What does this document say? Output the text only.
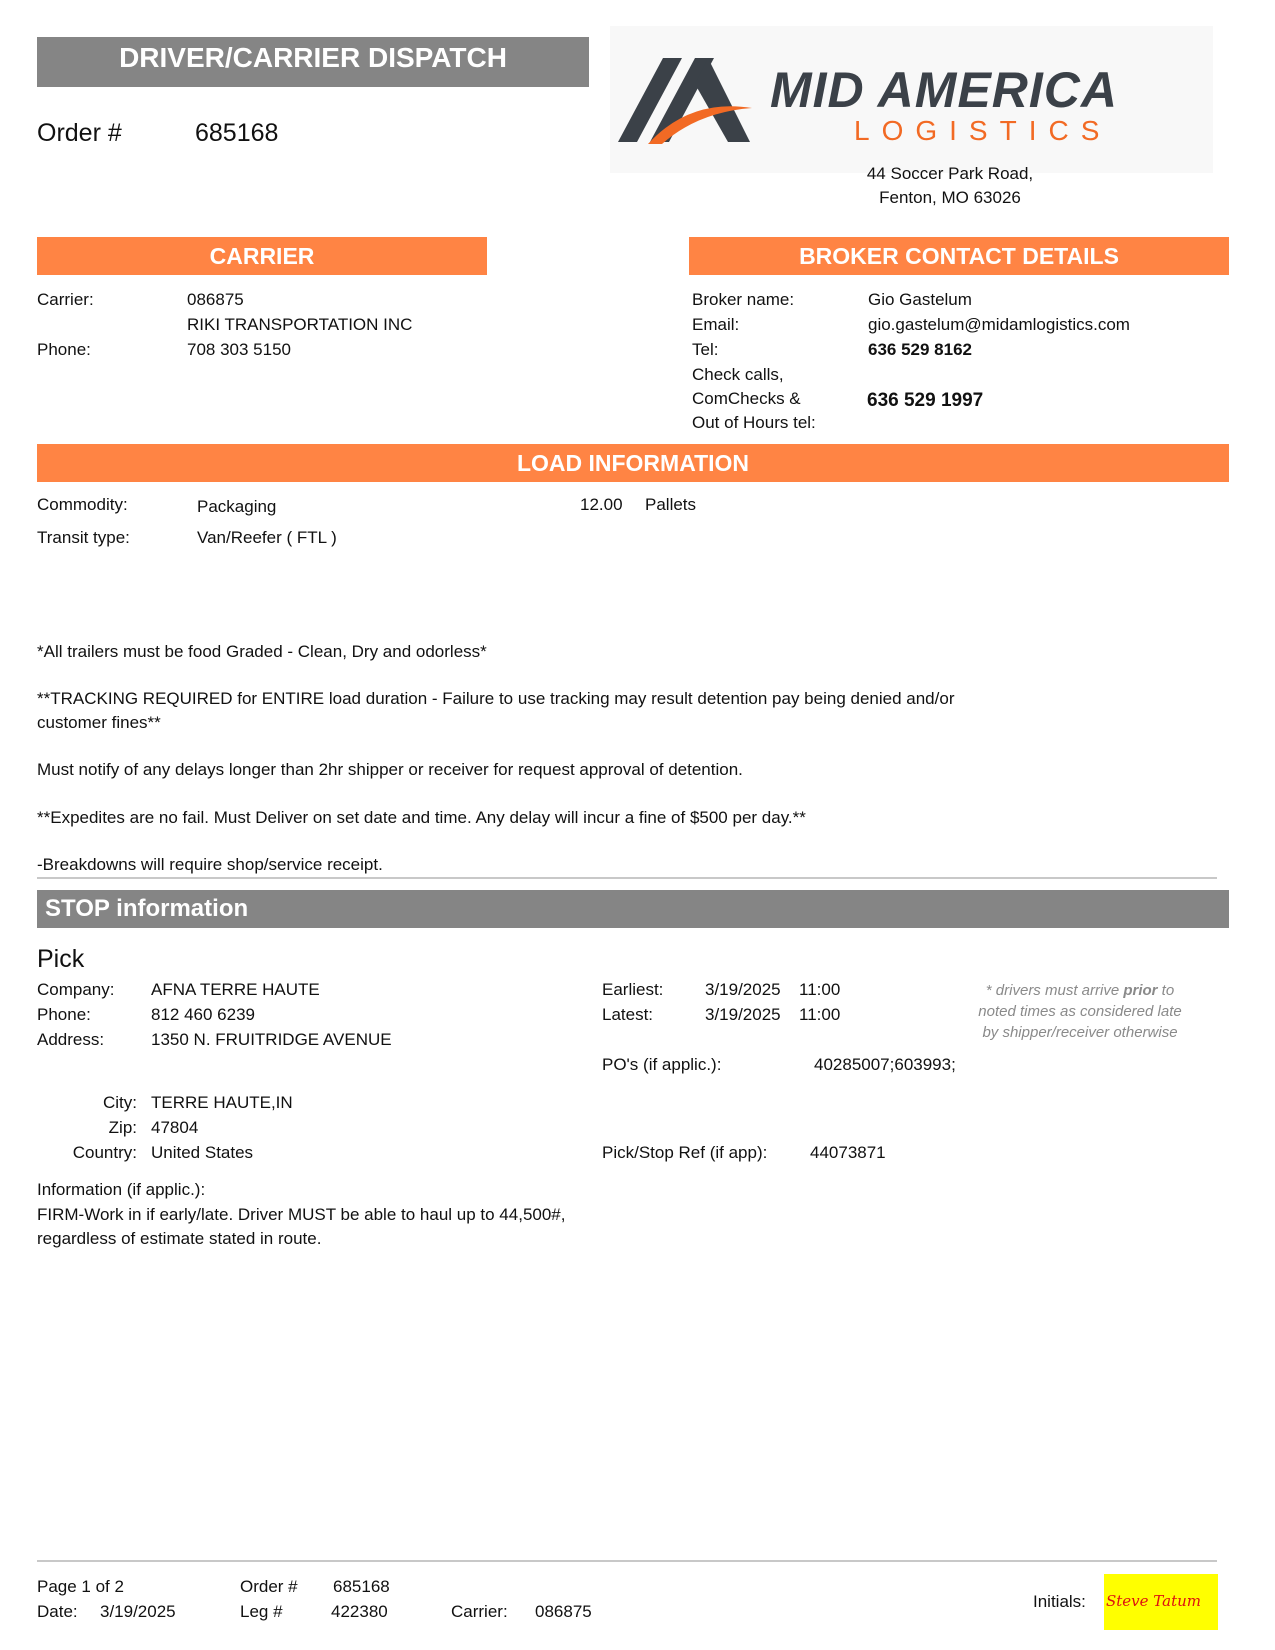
DRIVER/CARRIER DISPATCH
Order #	685168
MID AMERICA
LOGISTICS
44 Soccer Park Road,
Fenton, MO 63026
CARRIER
Carrier:	086875
RIKI TRANSPORTATION INC
Phone:	708 303 5150
BROKER CONTACT DETAILS
Broker name:	Gio Gastelum
Email:	gio.gastelum@midamlogistics.com
Tel:	636 529 8162
Check calls,
ComChecks &
Out of Hours tel:
636 529 1997
LOAD INFORMATION
Commodity:	Packaging	12.00 Pallets
Transit type:	Van/Reefer ( FTL )
*All trailers must be food Graded - Clean, Dry and odorless*
**TRACKING REQUIRED for ENTIRE load duration - Failure to use tracking may result detention pay being denied and/or
customer fines**
Must notify of any delays longer than 2hr shipper or receiver for request approval of detention.
**Expedites are no fail. Must Deliver on set date and time. Any delay will incur a fine of $500 per day.**
-Breakdowns will require shop/service receipt.
STOP information
Pick
Company: AFNA TERRE HAUTE
Phone:	812 460 6239
Address:	1350 N. FRUITRIDGE AVENUE
City: TERRE HAUTE,IN
Zip: 47804
Country: United States
Earliest: 3/19/2025 11:00
Latest:	3/19/2025 11:00
* drivers must arrive prior to
noted times as considered late
by shipper/receiver otherwise
PO's (if applic.):	40285007;603993;
Pick/Stop Ref (if app):	44073871
Information (if applic.):
FIRM-Work in if early/late. Driver MUST be able to haul up to 44,500#,
regardless of estimate stated in route.
Page 1 of 2
Date: 3/19/2025
Order # 685168
Leg #	422380	Carrier: 086875
Initials: Steve Tatum
